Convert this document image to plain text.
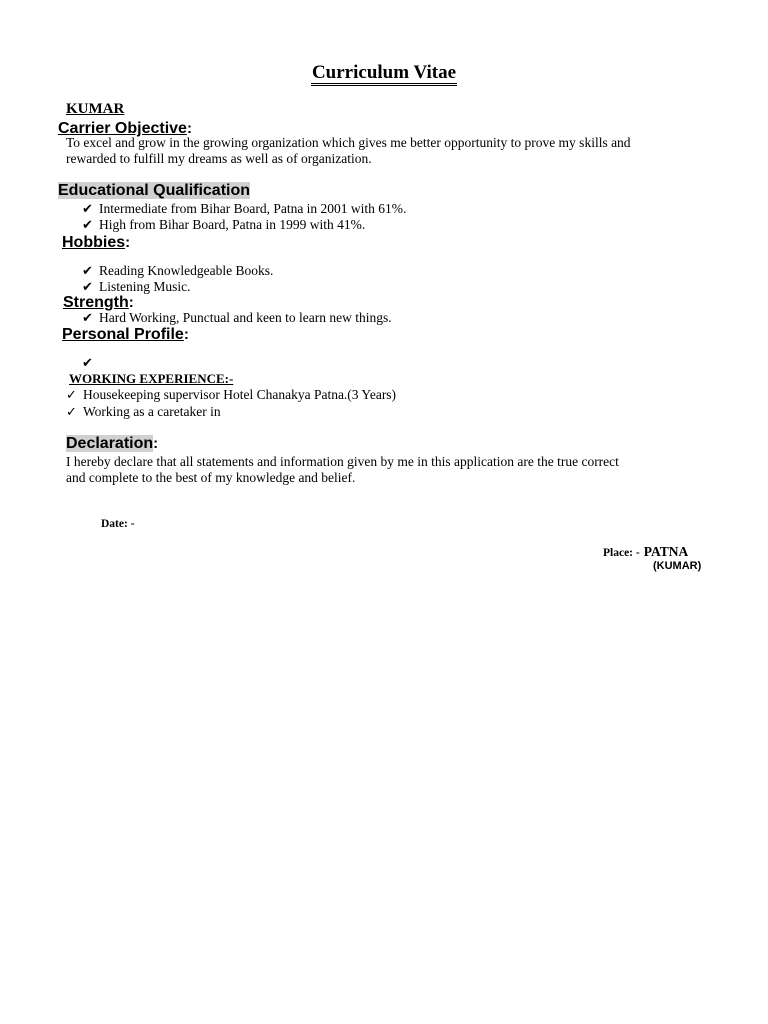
Curriculum Vitae
KUMAR
Carrier Objective:
To excel and grow in the growing organization which gives me better opportunity to prove my skills and
rewarded to fulfill my dreams as well as of organization.
Educational Qualification
✔ Intermediate from Bihar Board, Patna in 2001 with 61%.
✔ High from Bihar Board, Patna in 1999 with 41%.
Hobbies:
✔ Reading Knowledgeable Books.
✔ Listening Music.
Strength:
✔ Hard Working, Punctual and keen to learn new things.
Personal Profile:
✔
WORKING EXPERIENCE:-
✓ Housekeeping supervisor Hotel Chanakya Patna.(3 Years)
✓ Working as a caretaker in
Declaration:
I hereby declare that all statements and information given by me in this application are the true correct
and complete to the best of my knowledge and belief.
Date: -
Place: - PATNA
(KUMAR)
